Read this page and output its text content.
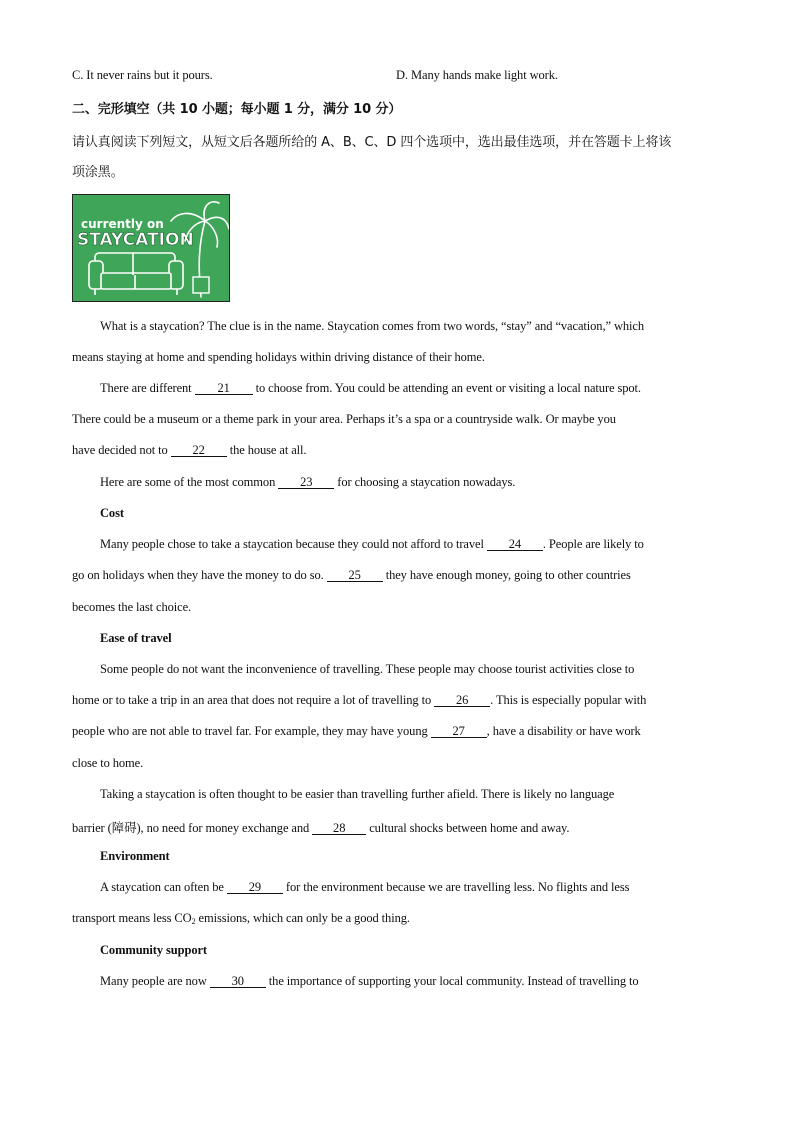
C. It never rains but it pours.	D. Many hands make light work.
二、完形填空（共 10 小题；每小题 1 分，满分 10 分）
请认真阅读下列短文，从短文后各题所给的 A、B、C、D 四个选项中，选出最佳选项，并在答题卡上将该
项涂黑。
currently on
STAYCATION
What is a staycation? The clue is in the name. Staycation comes from two words, “stay” and “vacation,” which
means staying at home and spending holidays within driving distance of their home.
There are different 21 to choose from. You could be attending an event or visiting a local nature spot.
There could be a museum or a theme park in your area. Perhaps it’s a spa or a countryside walk. Or maybe you
have decided not to 22 the house at all.
Here are some of the most common 23 for choosing a staycation nowadays.
Cost
Many people chose to take a staycation because they could not afford to travel 24 . People are likely to
go on holidays when they have the money to do so. 25 they have enough money, going to other countries
becomes the last choice.
Ease of travel
Some people do not want the inconvenience of travelling. These people may choose tourist activities close to
home or to take a trip in an area that does not require a lot of travelling to 26 . This is especially popular with
people who are not able to travel far. For example, they may have young 27 , have a disability or have work
close to home.
Taking a staycation is often thought to be easier than travelling further afield. There is likely no language
barrier (障碍), no need for money exchange and 28 cultural shocks between home and away.
Environment
A staycation can often be 29 for the environment because we are travelling less. No flights and less
transport means less $CO_2$ emissions, which can only be a good thing.
Community support
Many people are now 30 the importance of supporting your local community. Instead of travelling to
